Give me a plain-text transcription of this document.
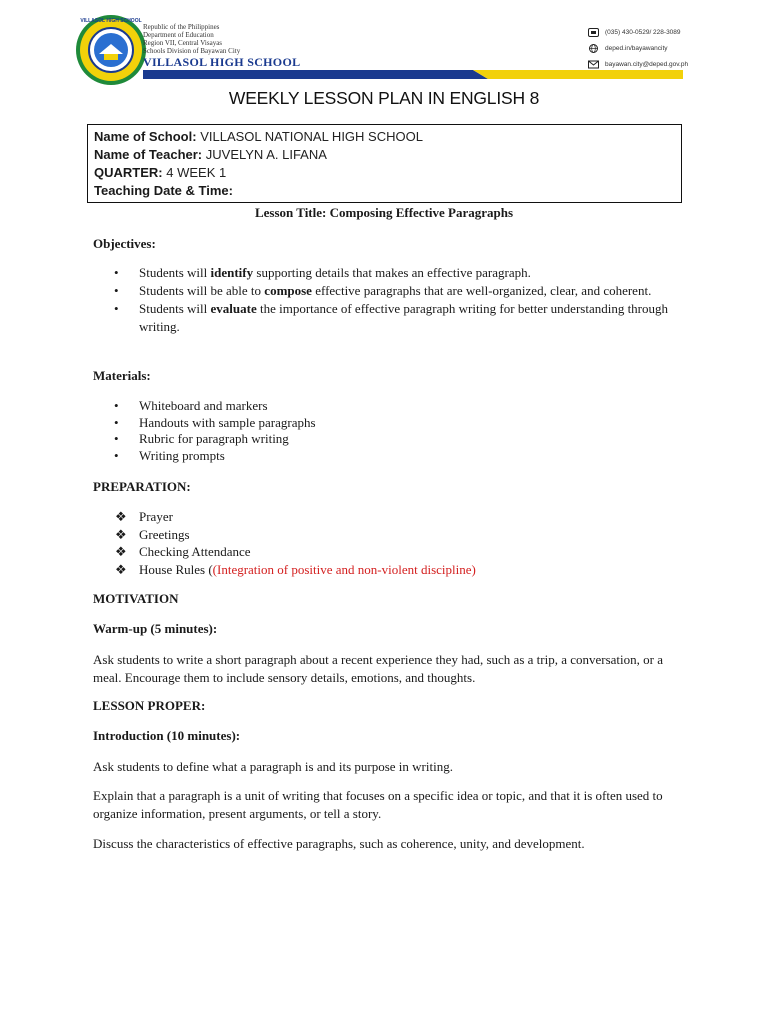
VILLASOL HIGH SCHOOL
Republic of the Philippines
Department of Education
Region VII, Central Visayas
Schools Division of Bayawan City
VILLASOL HIGH SCHOOL
(035) 430-0529/ 228-3089
deped.in/bayawancity
bayawan.city@deped.gov.ph
WEEKLY LESSON PLAN IN ENGLISH 8
Name of School: VILLASOL NATIONAL HIGH SCHOOL
Name of Teacher: JUVELYN A. LIFANA
QUARTER: 4 WEEK 1
Teaching Date & Time:
Lesson Title: Composing Effective Paragraphs
Objectives:
• Students will identify supporting details that makes an effective paragraph.
• Students will be able to compose effective paragraphs that are well-organized, clear, and coherent.
• Students will evaluate the importance of effective paragraph writing for better understanding through writing.
Materials:
• Whiteboard and markers
• Handouts with sample paragraphs
• Rubric for paragraph writing
• Writing prompts
PREPARATION:
❖ Prayer
❖ Greetings
❖ Checking Attendance
❖ House Rules ((Integration of positive and non-violent discipline)
MOTIVATION
Warm-up (5 minutes):
Ask students to write a short paragraph about a recent experience they had, such as a trip, a conversation, or a meal. Encourage them to include sensory details, emotions, and thoughts.
LESSON PROPER:
Introduction (10 minutes):
Ask students to define what a paragraph is and its purpose in writing.
Explain that a paragraph is a unit of writing that focuses on a specific idea or topic, and that it is often used to organize information, present arguments, or tell a story.
Discuss the characteristics of effective paragraphs, such as coherence, unity, and development.
